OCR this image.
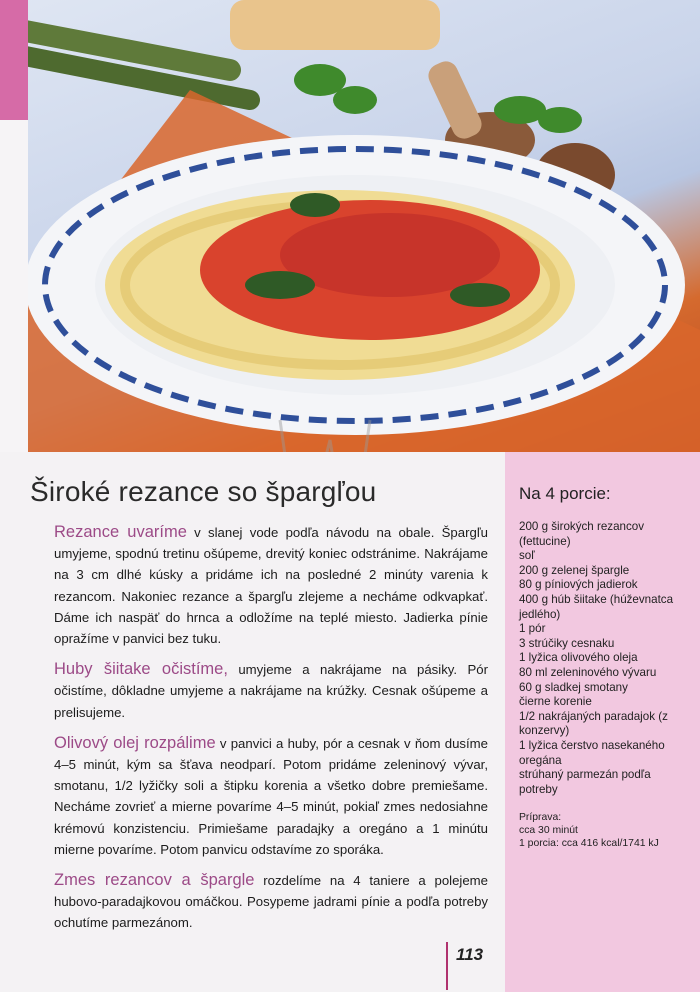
Na 4 porcie:
200 g širokých rezancov (fettucine)
soľ
200 g zelenej špargle
80 g píniových jadierok
400 g húb šiitake (húževnatca jedlého)
1 pór
3 strúčiky cesnaku
1 lyžica olivového oleja
80 ml zeleninového vývaru
60 g sladkej smotany
čierne korenie
1/2 nakrájaných paradajok (z konzervy)
1 lyžica čerstvo nasekaného oregána
strúhaný parmezán podľa potreby
Príprava:
cca 30 minút
1 porcia: cca 416 kcal/1741 kJ
Široké rezance so špargľou

Rezance uvaríme v slanej vode podľa návodu na obale. Špargľu umyjeme, spodnú tretinu ošúpeme, drevitý koniec odstránime. Nakrájame na 3 cm dlhé kúsky a pridáme ich na posledné 2 minúty varenia k rezancom. Nakoniec rezance a špargľu zlejeme a necháme odkvapkať. Dáme ich naspäť do hrnca a odložíme na teplé miesto. Jadierka pínie opražíme v panvici bez tuku.

Huby šiitake očistíme, umyjeme a nakrájame na pásiky. Pór očistíme, dôkladne umyjeme a nakrájame na krúžky. Cesnak ošúpeme a prelisujeme.

Olivový olej rozpálime v panvici a huby, pór a cesnak v ňom dusíme 4–5 minút, kým sa šťava neodparí. Potom pridáme zeleninový vývar, smotanu, 1/2 lyžičky soli a štipku korenia a všetko dobre premiešame. Necháme zovrieť a mierne povaríme 4–5 minút, pokiaľ zmes nedosiahne krémovú konzistenciu. Primiešame paradajky a oregáno a 1 minútu mierne povaríme. Potom panvicu odstavíme zo sporáka.

Zmes rezancov a špargle rozdelíme na 4 taniere a polejeme hubovo-paradajkovou omáčkou. Posypeme jadrami pínie a podľa potreby ochutíme parmezánom.

113
